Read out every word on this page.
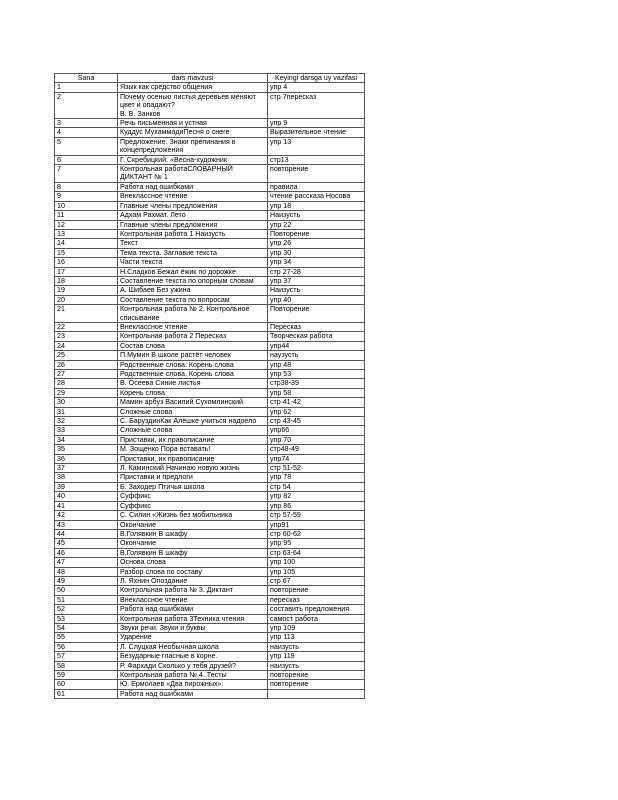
Sana	dars mavzusi	Keyingi darsga uy vazifasi
1	Язык как средство общения	упр 4
2	Почему осенью листья деревьев меняют цвет и опадают?
В. В. Занков	стр 7пересказ
3	Речь письменная и устная	упр 9
4	Куддус МухаммадиПесня о снеге	Выразительное чтение
5	Предложение. Знаки препинания в концепредложения	упр 13
6	Г. Скребицкий. «Весна-художник	стр13
7	Контрольная работаСЛОВАРНЫЙ ДИКТАНТ № 1	повторение
8	Работа над ошибками	правила
9	Внеклассное чтение	чтение рассказа Носова
10	Главные члены предложения	упр 18
11	Адхам Рахмат. Лето	Наизусть
12	Главные члены предложения	упр 22
13	Контрольная работа 1 Наизусть	Повторение
14	Текст	упр 26
15	Тема текста. Заглавие текста	упр 30
16	Части текста	упр 34
17	Н.Сладков Бежал ёжик по дорожке	стр 27-28
18	Составление текста по опорным словам	упр 37
19	А. Шибаев Без ужина	Наизусть
20	Составление текста по вопросам	упр 40
21	Контрольная работа № 2. Контрольное списывание	Повторение
22	Внеклассное чтение	Пересказ
23	Контрольная работа 2 Пересказ	Творческая работа
24	Состав слова	упр44
25	П.Мумин В школе растёт человек	наузусть
26	Родственные слова. Корень слова	упр 48
27	Родственные слова. Корень слова	упр 53
28	В. Осеева Синие листья	стр38-39
29	Корень слова	упр 58
30	Мамин арбуз Василий Сухомлинский	стр 41-42
31	Сложные слова	упр 62
32	С. БаруздинКак Алёшке учиться надоело	стр 43-45
33	Сложные слова	упр66
34	Приставки, их правописание	упр 70
35	М. Зощенко Пора вставать!	стр48-49
36	Приставки, их правописание	упр74
37	Л. Каминский Начинаю новую жизнь	стр 51-52
38	Приставки и предлоги	упр 78
39	Б. Заходер Птичья школа	стр 54
40	Суффикс	упр 82
41	Суффикс	упр 86
42	С. Силин «Жизнь без мобильника	стр 57-59
43	Окончание	упр91
44	В.Голявкин В шкафу	стр 60-62
45	Окончание	упр 95
46	В.Голявкин В шкафу	стр 63-64
47	Основа слова	упр 100
48	Разбор слова по составу	упр 105
49	Л. Яхнин Опоздание	стр 67
50	Контрольная работа № 3. Диктант	повторение
51	Внеклассное чтение	пересказ
52	Работа над ошибками	составить предложения
53	Контрольная работа 3Техника чтения	самост работа
54	Звуки речи. Звуки и буквы	упр 109
55	Ударение	упр 113
56	Л. Слуцкая Необычная школа	наизусть
57	Безударные гласные в корне.	упр 119
58	Р. Фархади Сколько у тебя друзей?	наизусть
59	Контрольная работа № 4. Тесты	повторение
60	Ю. Ермолаев «Два пирожных».	повторение
61	Работа над ошибками	
